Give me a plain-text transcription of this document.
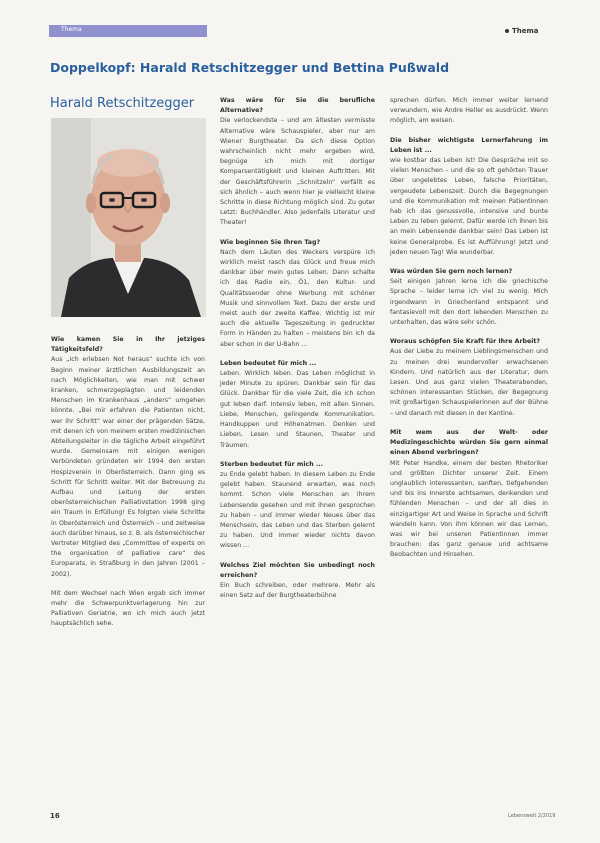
Thema	Thema
Doppelkopf: Harald Retschitzegger und Bettina Pußwald
Harald Retschitzegger

Wie kamen Sie in Ihr jetziges Tätigkeitsfeld?
Aus „Ich erlebsen Not heraus“ suchte ich von Beginn meiner ärztlichen Ausbildungszeit an nach Möglichkeiten, wie man mit schwer kranken, schmerzgeplagten und leidenden Menschen im Krankenhaus „anders“ umgehen könnte. „Bei mir erfahren die Patienten nicht, wer ihr Schritt“ war einer der prägenden Sätze, mit denen ich von meinem ersten medizinischen Abteilungsleiter in die tägliche Arbeit eingeführt wurde. Gemeinsam mit einigen wenigen Verbündeten gründeten wir 1994 den ersten Hospizverein in Oberösterreich. Dann ging es Schritt für Schritt weiter. Mit der Betreuung zu Aufbau und Leitung der ersten oberösterreichischen Palliativstation 1998 ging ein Traum in Erfüllung! Es folgten viele Schritte in Oberösterreich und Österreich – und zeitweise auch darüber hinaus, so z. B. als österreichischer Vertreter Mitglied des „Committee of experts on the organisation of palliative care“ des Europarats, in Straßburg in den Jahren (2001 – 2002).

Mit dem Wechsel nach Wien ergab sich immer mehr die Schwerpunktverlagerung hin zur Palliativen Geriatrie, wo ich mich auch jetzt hauptsächlich sehe.

Was wäre für Sie die berufliche Alternative?
Die verlockendste – und am ältesten vermisste Alternative wäre Schauspieler, aber nur am Wiener Burgtheater. Da sich diese Option wahrscheinlich nicht mehr ergeben wird, begnüge ich mich mit dortiger Komparsentätigkeit und kleinen Auftritten. Mit der Geschäftsführerin „Schnitzeln“ verfällt es sich ähnlich – auch wenn hier je vielleicht kleine Schritte in diese Richtung möglich sind. Zu guter Letzt: Buchhändler. Also jedenfalls Literatur und Theater!

Wie beginnen Sie Ihren Tag?
Nach dem Läuten des Weckers verspüre ich wirklich meist rasch das Glück und freue mich dankbar über mein gutes Leben. Dann schalte ich das Radio ein, Ö1, den Kultur- und Qualitätssender ohne Werbung mit schöner Musik und sinnvollem Text. Dazu der erste und meist auch der zweite Kaffee. Wichtig ist mir auch die aktuelle Tageszeitung in gedruckter Form in Händen zu halten – meistens bin ich da aber schon in der U-Bahn ...

Leben bedeutet für mich ...
Leben. Wirklich leben. Das Leben möglichst in jeder Minute zu spüren. Dankbar sein für das Glück. Dankbar für die viele Zeit, die ich schon gut leben darf. Intensiv leben, mit allen Sinnen. Liebe, Menschen, gelingende Kommunikation. Handkuppen und Höhenatmen. Denken und Lieben, Lesen und Staunen, Theater und Träumen.

Sterben bedeutet für mich ...
zu Ende gelebt haben. In diesem Leben zu Ende gelebt haben. Staunend erwarten, was noch kommt. Schon viele Menschen an ihrem Lebensende gesehen und mit ihnen gesprochen zu haben – und immer wieder Neues über das Menschsein, das Leben und das Sterben gelernt zu haben. Und immer wieder nichts davon wissen ...

Welches Ziel möchten Sie unbedingt noch erreichen?
Ein Buch schreiben, oder mehrere. Mehr als einen Satz auf der Burgtheaterbühne

sprechen dürfen. Mich immer weiter lernend verwundern, wie Andre Heller es ausdrückt. Wenn möglich, am weisen.

Die bisher wichtigste Lernerfahrung im Leben ist ...
wie kostbar das Leben ist! Die Gespräche mit so vielen Menschen – und die so oft gehörten Trauer über ungelebtes Leben, falsche Prioritäten, vergeudete Lebenszeit. Durch die Begegnungen und die Kommunikation mit meinen Patientinnen hab ich das genussvolle, intensive und bunte Leben zu leben gelernt. Dafür werde ich ihnen bis an mein Lebensende dankbar sein! Das Leben ist keine Generalprobe. Es ist Aufführung! Jetzt und jeden neuen Tag! Wie wunderbar.

Was würden Sie gern noch lernen?
Seit einigen Jahren lerne ich die griechische Sprache – leider lerne ich viel zu wenig. Mich irgendwann in Griechenland entspannt und fantasievoll mit den dort lebenden Menschen zu unterhalten, das wäre sehr schön.

Woraus schöpfen Sie Kraft für Ihre Arbeit?
Aus der Liebe zu meinem Lieblingsmenschen und zu meinen drei wundervoller erwachsenen Kindern. Und natürlich aus der Literatur, dem Lesen. Und aus ganz vielen Theaterabenden, schönen interessanten Stücken, der Begegnung mit großartigen Schauspielerinnen auf der Bühne – und danach mit diesen in der Kantine.

Mit wem aus der Welt- oder Medizingeschichte würden Sie gern einmal einen Abend verbringen?
Mit Peter Handke, einem der besten Rhetoriker und größten Dichter unserer Zeit. Einem unglaublich interessanten, sanften, tiefgehenden und bis ins Innerste achtsamen, denkenden und fühlenden Menschen – und der all dies in einzigartiger Art und Weise in Sprache und Schrift wandeln kann. Von ihm können wir das Lernen, was wir bei unseren Patientinnen immer brauchen: das ganz genaue und achtsame Beobachten und Hinsehen.

16	Lebenswelt 2/2019
